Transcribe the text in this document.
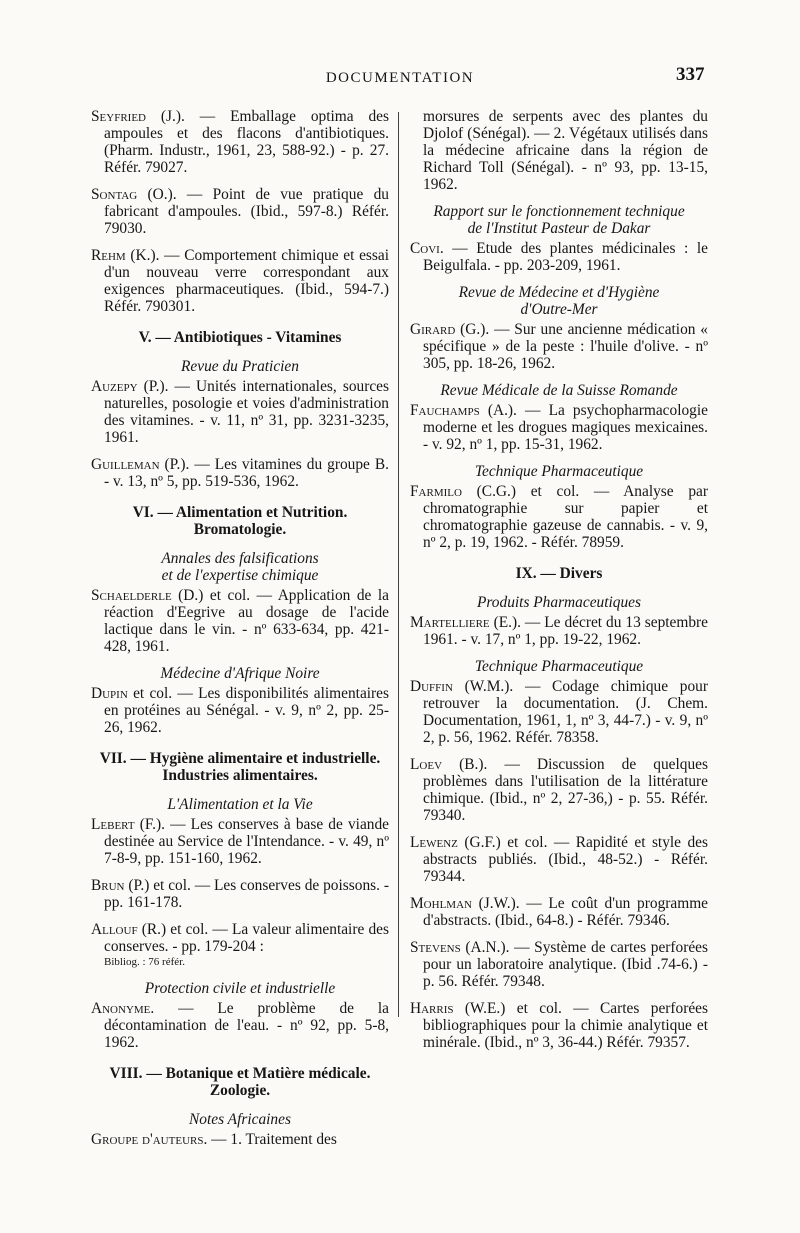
DOCUMENTATION	337

Seyfried (J.). — Emballage optima des ampoules et des flacons d'antibiotiques. (Pharm. Industr., 1961, 23, 588-92.) - p. 27. Référ. 79027.

Sontag (O.). — Point de vue pratique du fabricant d'ampoules. (Ibid., 597-8.) Référ. 79030.

Rehm (K.). — Comportement chimique et essai d'un nouveau verre correspondant aux exigences pharmaceutiques. (Ibid., 594-7.) Référ. 790301.

V. — Antibiotiques - Vitamines
Revue du Praticien

Auzepy (P.). — Unités internationales, sources naturelles, posologie et voies d'administration des vitamines. - v. 11, nº 31, pp. 3231-3235, 1961.

Guilleman (P.). — Les vitamines du groupe B. - v. 13, nº 5, pp. 519-536, 1962.

VI. — Alimentation et Nutrition.
Bromatologie.
Annales des falsifications
et de l'expertise chimique

Schaelderle (D.) et col. — Application de la réaction d'Eegrive au dosage de l'acide lactique dans le vin. - nº 633-634, pp. 421-428, 1961.

Médecine d'Afrique Noire

Dupin et col. — Les disponibilités alimentaires en protéines au Sénégal. - v. 9, nº 2, pp. 25-26, 1962.

VII. — Hygiène alimentaire et industrielle.
Industries alimentaires.
L'Alimentation et la Vie

Lebert (F.). — Les conserves à base de viande destinée au Service de l'Intendance. - v. 49, nº 7-8-9, pp. 151-160, 1962.

Brun (P.) et col. — Les conserves de poissons. - pp. 161-178.

Allouf (R.) et col. — La valeur alimentaire des conserves. - pp. 179-204 :

Bibliog. : 76 référ.
Protection civile et industrielle

Anonyme. — Le problème de la décontamination de l'eau. - nº 92, pp. 5-8, 1962.

VIII. — Botanique et Matière médicale.
Zoologie.
Notes Africaines

Groupe d'auteurs. — 1. Traitement des

morsures de serpents avec des plantes du Djolof (Sénégal). — 2. Végétaux utilisés dans la médecine africaine dans la région de Richard Toll (Sénégal). - nº 93, pp. 13-15, 1962.

Rapport sur le fonctionnement technique
de l'Institut Pasteur de Dakar

Covi. — Etude des plantes médicinales : le Beigulfala. - pp. 203-209, 1961.

Revue de Médecine et d'Hygiène
d'Outre-Mer

Girard (G.). — Sur une ancienne médication « spécifique » de la peste : l'huile d'olive. - nº 305, pp. 18-26, 1962.

Revue Médicale de la Suisse Romande

Fauchamps (A.). — La psychopharmacologie moderne et les drogues magiques mexicaines. - v. 92, nº 1, pp. 15-31, 1962.

Technique Pharmaceutique

Farmilo (C.G.) et col. — Analyse par chromatographie sur papier et chromatographie gazeuse de cannabis. - v. 9, nº 2, p. 19, 1962. - Référ. 78959.

IX. — Divers
Produits Pharmaceutiques

Martelliere (E.). — Le décret du 13 septembre 1961. - v. 17, nº 1, pp. 19-22, 1962.

Technique Pharmaceutique

Duffin (W.M.). — Codage chimique pour retrouver la documentation. (J. Chem. Documentation, 1961, 1, nº 3, 44-7.) - v. 9, nº 2, p. 56, 1962. Référ. 78358.

Loev (B.). — Discussion de quelques problèmes dans l'utilisation de la littérature chimique. (Ibid., nº 2, 27-36,) - p. 55. Référ. 79340.

Lewenz (G.F.) et col. — Rapidité et style des abstracts publiés. (Ibid., 48-52.) - Référ. 79344.

Mohlman (J.W.). — Le coût d'un programme d'abstracts. (Ibid., 64-8.) - Référ. 79346.

Stevens (A.N.). — Système de cartes perforées pour un laboratoire analytique. (Ibid .74-6.) - p. 56. Référ. 79348.

Harris (W.E.) et col. — Cartes perforées bibliographiques pour la chimie analytique et minérale. (Ibid., nº 3, 36-44.) Référ. 79357.
